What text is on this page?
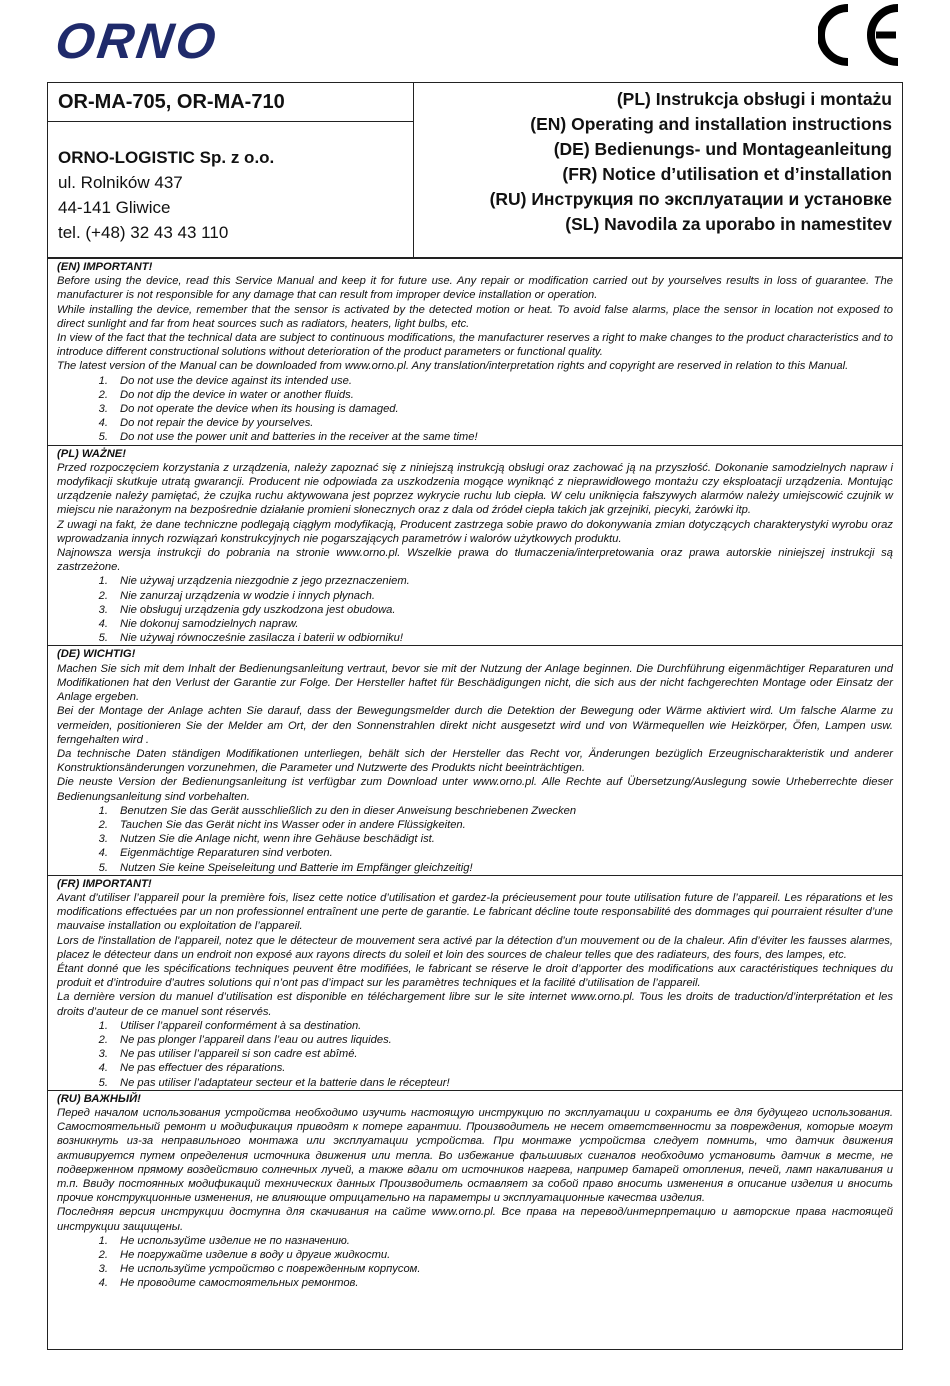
ORNO
OR-MA-705, OR-MA-710
ORNO-LOGISTIC Sp. z o.o.
ul. Rolników 437
44-141 Gliwice
tel. (+48) 32 43 43 110
(PL) Instrukcja obsługi i montażu
(EN) Operating and installation instructions
(DE) Bedienungs- und Montageanleitung
(FR) Notice d’utilisation et d’installation
(RU) Инструкция по эксплуатации и установке
(SL) Navodila za uporabo in namestitev
(EN) IMPORTANT!

Before using the device, read this Service Manual and keep it for future use. Any repair or modification carried out by yourselves results in loss of guarantee. The manufacturer is not responsible for any damage that can result from improper device installation or operation.

While installing the device, remember that the sensor is activated by the detected motion or heat. To avoid false alarms, place the sensor in location not exposed to direct sunlight and far from heat sources such as radiators, heaters, light bulbs, etc.

In view of the fact that the technical data are subject to continuous modifications, the manufacturer reserves a right to make changes to the product characteristics and to introduce different constructional solutions without deterioration of the product parameters or functional quality.

The latest version of the Manual can be downloaded from www.orno.pl. Any translation/interpretation rights and copyright are reserved in relation to this Manual.

1.	Do not use the device against its intended use.
2.	Do not dip the device in water or another fluids.
3.	Do not operate the device when its housing is damaged.
4.	Do not repair the device by yourselves.
5.	Do not use the power unit and batteries in the receiver at the same time!
(PL) WAŻNE!

Przed rozpoczęciem korzystania z urządzenia, należy zapoznać się z niniejszą instrukcją obsługi oraz zachować ją na przyszłość. Dokonanie samodzielnych napraw i modyfikacji skutkuje utratą gwarancji. Producent nie odpowiada za uszkodzenia mogące wyniknąć z nieprawidłowego montażu czy eksploatacji urządzenia. Montując urządzenie należy pamiętać, że czujka ruchu aktywowana jest poprzez wykrycie ruchu lub ciepła. W celu uniknięcia fałszywych alarmów należy umiejscowić czujnik w miejscu nie narażonym na bezpośrednie działanie promieni słonecznych oraz z dala od źródeł ciepła takich jak grzejniki, piecyki, żarówki itp.

Z uwagi na fakt, że dane techniczne podlegają ciągłym modyfikacją, Producent zastrzega sobie prawo do dokonywania zmian dotyczących charakterystyki wyrobu oraz wprowadzania innych rozwiązań konstrukcyjnych nie pogarszających parametrów i walorów użytkowych produktu.

Najnowsza wersja instrukcji do pobrania na stronie www.orno.pl. Wszelkie prawa do tłumaczenia/interpretowania oraz prawa autorskie niniejszej instrukcji są zastrzeżone.

1.	Nie używaj urządzenia niezgodnie z jego przeznaczeniem.
2.	Nie zanurzaj urządzenia w wodzie i innych płynach.
3.	Nie obsługuj urządzenia gdy uszkodzona jest obudowa.
4.	Nie dokonuj samodzielnych napraw.
5.	Nie używaj równocześnie zasilacza i baterii w odbiorniku!
(DE) WICHTIG!

Machen Sie sich mit dem Inhalt der Bedienungsanleitung vertraut, bevor sie mit der Nutzung der Anlage beginnen. Die Durchführung eigenmächtiger Reparaturen und Modifikationen hat den Verlust der Garantie zur Folge. Der Hersteller haftet für Beschädigungen nicht, die sich aus der nicht fachgerechten Montage oder Einsatz der Anlage ergeben.

Bei der Montage der Anlage achten Sie darauf, dass der Bewegungsmelder durch die Detektion der Bewegung oder Wärme aktiviert wird. Um falsche Alarme zu vermeiden, positionieren Sie der Melder am Ort, der den Sonnenstrahlen direkt nicht ausgesetzt wird und von Wärmequellen wie Heizkörper, Öfen, Lampen usw. ferngehalten wird .

Da technische Daten ständigen Modifikationen unterliegen, behält sich der Hersteller das Recht vor, Änderungen bezüglich Erzeugnischarakteristik und anderer Konstruktionsänderungen vorzunehmen, die Parameter und Nutzwerte des Produkts nicht beeinträchtigen.

Die neuste Version der Bedienungsanleitung ist verfügbar zum Download unter www.orno.pl. Alle Rechte auf Übersetzung/Auslegung sowie Urheberrechte dieser Bedienungsanleitung sind vorbehalten.

1.	Benutzen Sie das Gerät ausschließlich zu den in dieser Anweisung beschriebenen Zwecken
2.	Tauchen Sie das Gerät nicht ins Wasser oder in andere Flüssigkeiten.
3.	Nutzen Sie die Anlage nicht, wenn ihre Gehäuse beschädigt ist.
4.	Eigenmächtige Reparaturen sind verboten.
5.	Nutzen Sie keine Speiseleitung und Batterie im Empfänger gleichzeitig!
(FR) IMPORTANT!

Avant d’utiliser l’appareil pour la première fois, lisez cette notice d’utilisation et gardez-la précieusement pour toute utilisation future de l’appareil. Les réparations et les modifications effectuées par un non professionnel entraînent une perte de garantie. Le fabricant décline toute responsabilité des dommages qui pourraient résulter d’une mauvaise installation ou exploitation de l’appareil.

Lors de l'installation de l'appareil, notez que le détecteur de mouvement sera activé par la détection d’un mouvement ou de la chaleur. Afin d’éviter les fausses alarmes, placez le détecteur dans un endroit non exposé aux rayons directs du soleil et loin des sources de chaleur telles que des radiateurs, des fours, des lampes, etc.

Étant donné que les spécifications techniques peuvent être modifiées, le fabricant se réserve le droit d’apporter des modifications aux caractéristiques techniques du produit et d’introduire d’autres solutions qui n’ont pas d’impact sur les paramètres techniques et la facilité d’utilisation de l’appareil.

La dernière version du manuel d’utilisation est disponible en téléchargement libre sur le site internet www.orno.pl. Tous les droits de traduction/d’interprétation et les droits d’auteur de ce manuel sont réservés.

1.	Utiliser l’appareil conformément à sa destination.
2.	Ne pas plonger l’appareil dans l’eau ou autres liquides.
3.	Ne pas utiliser l’appareil si son cadre est abîmé.
4.	Ne pas effectuer des réparations.
5.	Ne pas utiliser l’adaptateur secteur et la batterie dans le récepteur!
(RU) ВАЖНЫЙ!

Перед началом использования устройства необходимо изучить настоящую инструкцию по эксплуатации и сохранить ее для будущего использования. Самостоятельный ремонт и модификация приводят к потере гарантии. Производитель не несет ответственности за повреждения, которые могут возникнуть из-за неправильного монтажа или эксплуатации устройства. При монтаже устройства следует помнить, что датчик движения активируется путем определения источника движения или тепла. Во избежание фальшивых сигналов необходимо установить датчик в месте, не подверженном прямому воздействию солнечных лучей, а также вдали от источников нагрева, например батарей отопления, печей, ламп накаливания и т.п. Ввиду постоянных модификаций технических данных Производитель оставляет за собой право вносить изменения в описание изделия и вносить прочие конструкционные изменения, не влияющие отрицательно на параметры и эксплуатационные качества изделия.

Последняя версия инструкции доступна для скачивания на сайте www.orno.pl. Все права на перевод/интерпретацию и авторские права настоящей инструкции защищены.

1.	Не используйте изделие не по назначению.
2.	Не погружайте изделие в воду и другие жидкости.
3.	Не используйте устройство с поврежденным корпусом.
4.	Не проводите самостоятельных ремонтов.
